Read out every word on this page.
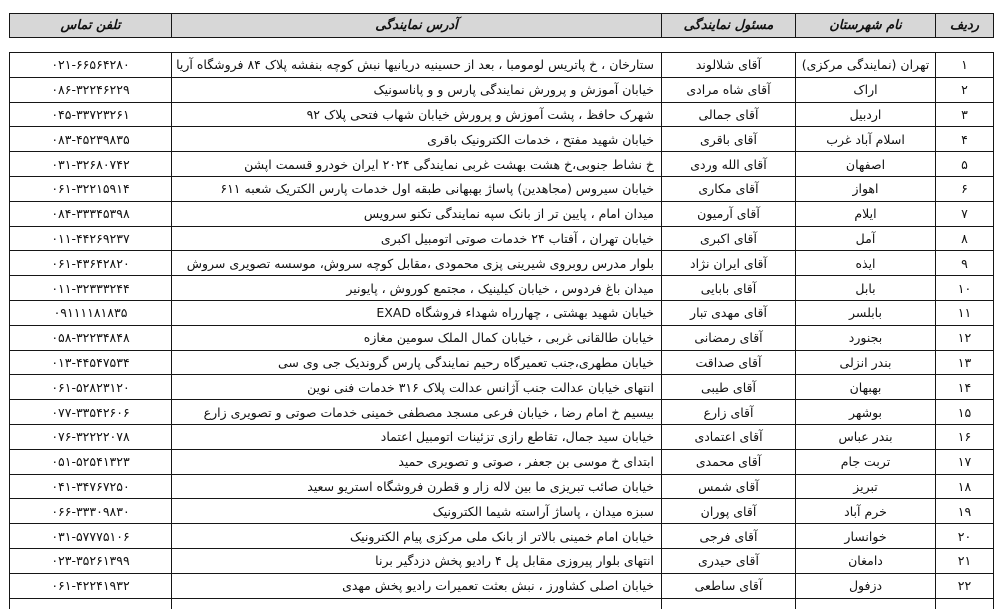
ردیف	نام شهرستان	مسئول نمایندگی	آدرس نمایندگی	تلفن تماس
۱	تهران (نمایندگی مرکزی)	آقای شلالوند	ستارخان ، خ پاتریس لومومبا ، بعد از حسینیه دریانیها نبش کوچه بنفشه پلاک ۸۴ فروشگاه آریا	۰۲۱-۶۶۵۶۴۲۸۰
۲	اراک	آقای شاه مرادی	خیابان آموزش و پرورش نمایندگی پارس و و پاناسونیک	۰۸۶-۳۲۲۴۶۲۲۹
۳	اردبیل	آقای جمالی	شهرک حافظ ، پشت آموزش و پرورش خیابان شهاب فتحی پلاک ۹۲	۰۴۵-۳۳۷۲۳۲۶۱
۴	اسلام آباد غرب	آقای باقری	خیابان شهید مفتح ، خدمات الکترونیک باقری	۰۸۳-۴۵۲۳۹۸۳۵
۵	اصفهان	آقای الله وردی	خ نشاط جنوبی،خ هشت بهشت غربی نمایندگی ۲۰۲۴ ایران خودرو قسمت اپشن	۰۳۱-۳۲۶۸۰۷۴۲
۶	اهواز	آقای مکاری	خیابان سیروس (مجاهدین) پاساژ بهبهانی طبقه اول خدمات پارس الکتریک شعبه ۶۱۱	۰۶۱-۳۲۲۱۵۹۱۴
۷	ایلام	آقای آرمیون	میدان امام ، پایین تر از بانک سپه نمایندگی تکنو سرویس	۰۸۴-۳۳۳۴۵۳۹۸
۸	آمل	آقای اکبری	خیابان تهران ، آفتاب ۲۴ خدمات صوتی اتومبیل اکبری	۰۱۱-۴۴۲۶۹۲۳۷
۹	ایذه	آقای ایران نژاد	بلوار مدرس روبروی شیرینی پزی محمودی ،مقابل کوچه سروش، موسسه تصویری سروش	۰۶۱-۴۳۶۴۲۸۲۰
۱۰	بابل	آقای بابایی	میدان باغ فردوس ، خیابان کیلینیک ، مجتمع کوروش ، پایونیر	۰۱۱-۳۲۳۳۳۲۴۴
۱۱	بابلسر	آقای مهدی تبار	خیابان شهید بهشتی ، چهارراه شهداء فروشگاه EXAD	۰۹۱۱۱۱۸۱۸۳۵
۱۲	بجنورد	آقای رمضانی	خیابان طالقانی غربی ، خیابان کمال الملک سومین مغازه	۰۵۸-۳۲۲۳۴۸۴۸
۱۳	بندر انزلی	آقای صداقت	خیابان مطهری،جنب تعمیرگاه رحیم نمایندگی پارس گروندیک جی وی سی	۰۱۳-۴۴۵۴۷۵۳۴
۱۴	بهبهان	آقای طیبی	انتهای خیابان عدالت جنب آژانس عدالت پلاک ۳۱۶ خدمات فنی نوین	۰۶۱-۵۲۸۲۳۱۲۰
۱۵	بوشهر	آقای زارع	بیسیم خ امام رضا ، خیابان فرعی مسجد مصطفی خمینی خدمات صوتی و تصویری زارع	۰۷۷-۳۳۵۴۲۶۰۶
۱۶	بندر عباس	آقای اعتمادی	خیابان سید جمال، تقاطع رازی تزئینات اتومبیل اعتماد	۰۷۶-۳۲۲۲۲۰۷۸
۱۷	تربت جام	آقای محمدی	ابتدای خ موسی بن جعفر ، صوتی و تصویری حمید	۰۵۱-۵۲۵۴۱۳۲۳
۱۸	تبریز	آقای شمس	خیابان صائب تبریزی ما بین لاله زار و قطرن فروشگاه استریو سعید	۰۴۱-۳۴۷۶۷۲۵۰
۱۹	خرم آباد	آقای پوران	سبزه میدان ، پاساژ آراسته شیما الکترونیک	۰۶۶-۳۳۳۰۹۸۳۰
۲۰	خوانسار	آقای فرجی	خیابان امام خمینی بالاتر از بانک ملی مرکزی پیام الکترونیک	۰۳۱-۵۷۷۷۵۱۰۶
۲۱	دامغان	آقای حیدری	انتهای بلوار پیروزی مقابل پل ۴ رادیو پخش دزدگیر برنا	۰۲۳-۳۵۲۶۱۳۹۹
۲۲	دزفول	آقای ساطعی	خیابان اصلی کشاورز ، نبش بعثت تعمیرات رادیو پخش مهدی	۰۶۱-۴۲۲۴۱۹۳۲
